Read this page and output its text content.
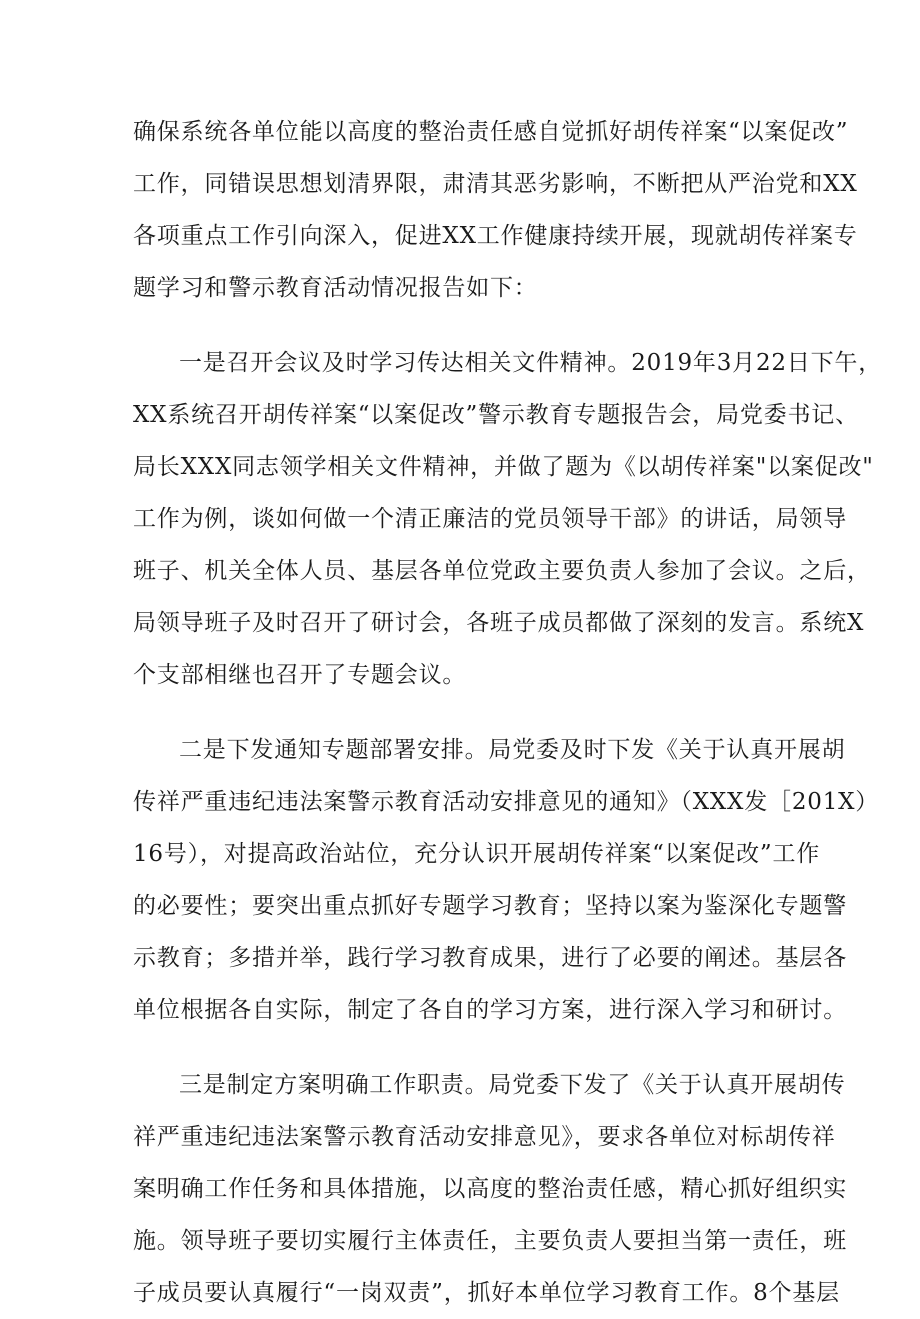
确保系统各单位能以高度的整治责任感自觉抓好胡传祥案“以案促改”
工作，同错误思想划清界限，肃清其恶劣影响，不断把从严治党和XX
各项重点工作引向深入，促进XX工作健康持续开展，现就胡传祥案专
题学习和警示教育活动情况报告如下：
一是召开会议及时学习传达相关文件精神。2019年3月22日下午，
XX系统召开胡传祥案“以案促改”警示教育专题报告会，局党委书记、
局长XXX同志领学相关文件精神，并做了题为《以胡传祥案"以案促改"
工作为例，谈如何做一个清正廉洁的党员领导干部》的讲话，局领导
班子、机关全体人员、基层各单位党政主要负责人参加了会议。之后，
局领导班子及时召开了研讨会，各班子成员都做了深刻的发言。系统X
个支部相继也召开了专题会议。
二是下发通知专题部署安排。局党委及时下发《关于认真开展胡
传祥严重违纪违法案警示教育活动安排意见的通知》（XXX发［201X）
16号），对提高政治站位，充分认识开展胡传祥案“以案促改”工作
的必要性；要突出重点抓好专题学习教育；坚持以案为鉴深化专题警
示教育；多措并举，践行学习教育成果，进行了必要的阐述。基层各
单位根据各自实际，制定了各自的学习方案，进行深入学习和研讨。
三是制定方案明确工作职责。局党委下发了《关于认真开展胡传
祥严重违纪违法案警示教育活动安排意见》，要求各单位对标胡传祥
案明确工作任务和具体措施，以高度的整治责任感，精心抓好组织实
施。领导班子要切实履行主体责任，主要负责人要担当第一责任，班
子成员要认真履行“一岗双责”，抓好本单位学习教育工作。8个基层
